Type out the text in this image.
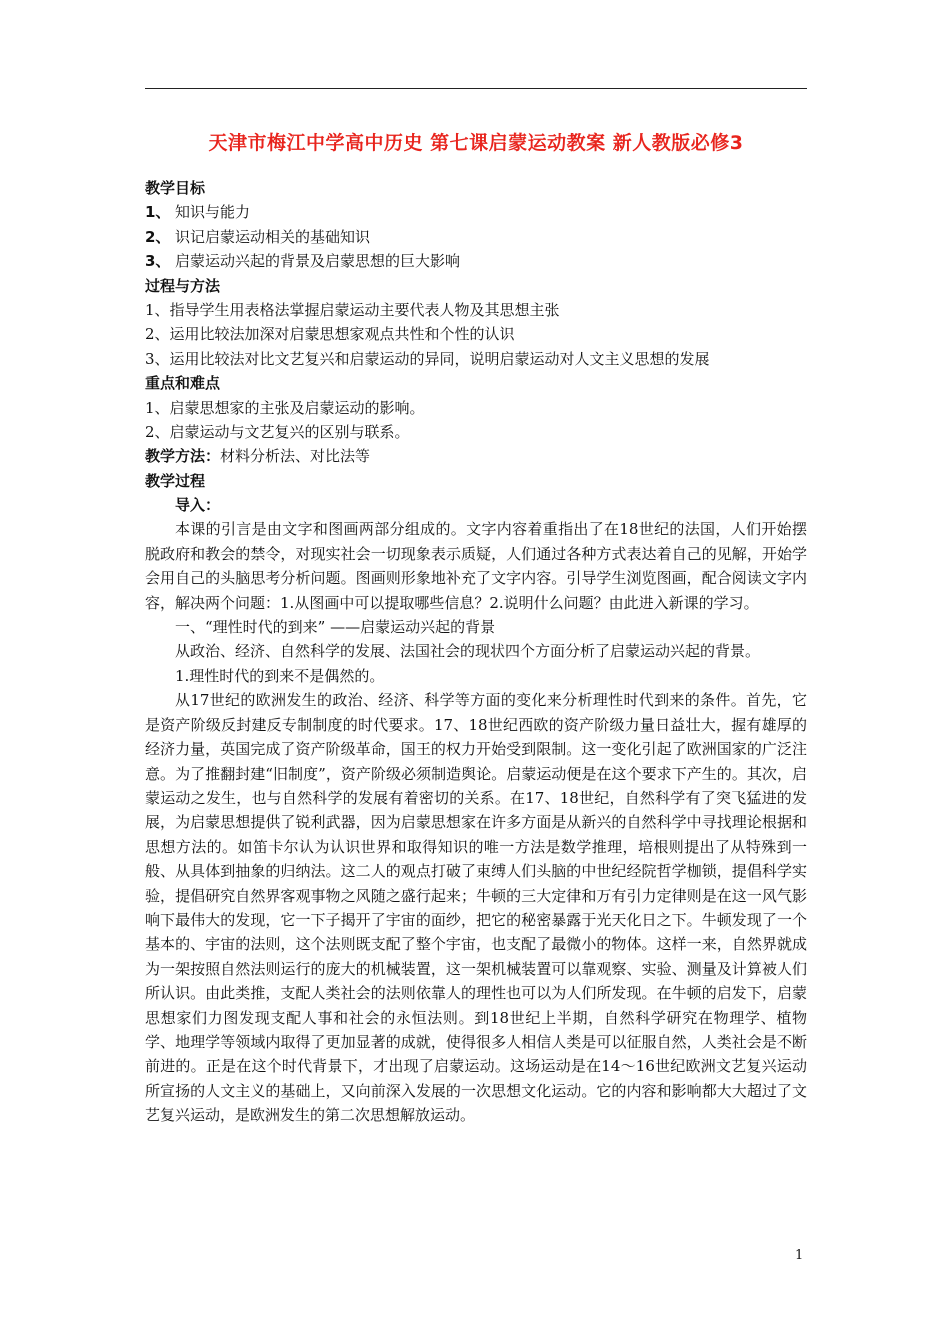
天津市梅江中学高中历史 第七课启蒙运动教案 新人教版必修3
教学目标
1、 知识与能力
2、 识记启蒙运动相关的基础知识
3、 启蒙运动兴起的背景及启蒙思想的巨大影响
过程与方法
1、指导学生用表格法掌握启蒙运动主要代表人物及其思想主张
2、运用比较法加深对启蒙思想家观点共性和个性的认识
3、运用比较法对比文艺复兴和启蒙运动的异同，说明启蒙运动对人文主义思想的发展
重点和难点
1、启蒙思想家的主张及启蒙运动的影响。
2、启蒙运动与文艺复兴的区别与联系。
教学方法：材料分析法、对比法等
教学过程
导入：

本课的引言是由文字和图画两部分组成的。文字内容着重指出了在18世纪的法国，人们开始摆脱政府和教会的禁令，对现实社会一切现象表示质疑，人们通过各种方式表达着自己的见解，开始学会用自己的头脑思考分析问题。图画则形象地补充了文字内容。引导学生浏览图画，配合阅读文字内容，解决两个问题：1.从图画中可以提取哪些信息？2.说明什么问题？由此进入新课的学习。

一、“理性时代的到来” ——启蒙运动兴起的背景

从政治、经济、自然科学的发展、法国社会的现状四个方面分析了启蒙运动兴起的背景。

1.理性时代的到来不是偶然的。

从17世纪的欧洲发生的政治、经济、科学等方面的变化来分析理性时代到来的条件。首先，它是资产阶级反封建反专制制度的时代要求。17、18世纪西欧的资产阶级力量日益壮大，握有雄厚的经济力量，英国完成了资产阶级革命，国王的权力开始受到限制。这一变化引起了欧洲国家的广泛注意。为了推翻封建“旧制度”，资产阶级必须制造舆论。启蒙运动便是在这个要求下产生的。其次，启蒙运动之发生，也与自然科学的发展有着密切的关系。在17、18世纪，自然科学有了突飞猛进的发展，为启蒙思想提供了锐利武器，因为启蒙思想家在许多方面是从新兴的自然科学中寻找理论根据和思想方法的。如笛卡尔认为认识世界和取得知识的唯一方法是数学推理，培根则提出了从特殊到一般、从具体到抽象的归纳法。这二人的观点打破了束缚人们头脑的中世纪经院哲学枷锁，提倡科学实验，提倡研究自然界客观事物之风随之盛行起来；牛顿的三大定律和万有引力定律则是在这一风气影响下最伟大的发现，它一下子揭开了宇宙的面纱，把它的秘密暴露于光天化日之下。牛顿发现了一个基本的、宇宙的法则，这个法则既支配了整个宇宙，也支配了最微小的物体。这样一来，自然界就成为一架按照自然法则运行的庞大的机械装置，这一架机械装置可以靠观察、实验、测量及计算被人们所认识。由此类推，支配人类社会的法则依靠人的理性也可以为人们所发现。在牛顿的启发下，启蒙思想家们力图发现支配人事和社会的永恒法则。到18世纪上半期，自然科学研究在物理学、植物学、地理学等领域内取得了更加显著的成就，使得很多人相信人类是可以征服自然，人类社会是不断前进的。正是在这个时代背景下，才出现了启蒙运动。这场运动是在14～16世纪欧洲文艺复兴运动所宣扬的人文主义的基础上，又向前深入发展的一次思想文化运动。它的内容和影响都大大超过了文艺复兴运动，是欧洲发生的第二次思想解放运动。

1
